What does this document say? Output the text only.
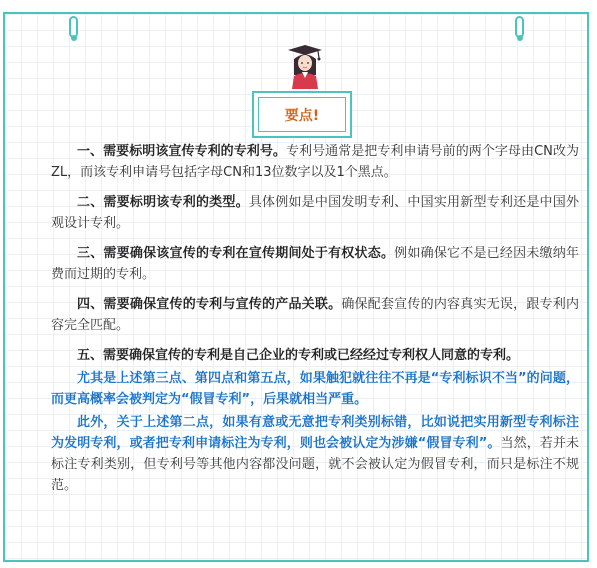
要点!

一、需要标明该宣传专利的专利号。专利号通常是把专利申请号前的两个字母由CN改为ZL，而该专利申请号包括字母CN和13位数字以及1个黑点。

二、需要标明该专利的类型。具体例如是中国发明专利、中国实用新型专利还是中国外观设计专利。

三、需要确保该宣传的专利在宣传期间处于有权状态。例如确保它不是已经因未缴纳年费而过期的专利。

四、需要确保宣传的专利与宣传的产品关联。确保配套宣传的内容真实无误，跟专利内容完全匹配。

五、需要确保宣传的专利是自己企业的专利或已经经过专利权人同意的专利。

尤其是上述第三点、第四点和第五点，如果触犯就往往不再是“专利标识不当”的问题，而更高概率会被判定为“假冒专利”，后果就相当严重。

此外，关于上述第二点，如果有意或无意把专利类别标错，比如说把实用新型专利标注为发明专利，或者把专利申请标注为专利，则也会被认定为涉嫌“假冒专利”。当然，若并未标注专利类别，但专利号等其他内容都没问题，就不会被认定为假冒专利，而只是标注不规范。
